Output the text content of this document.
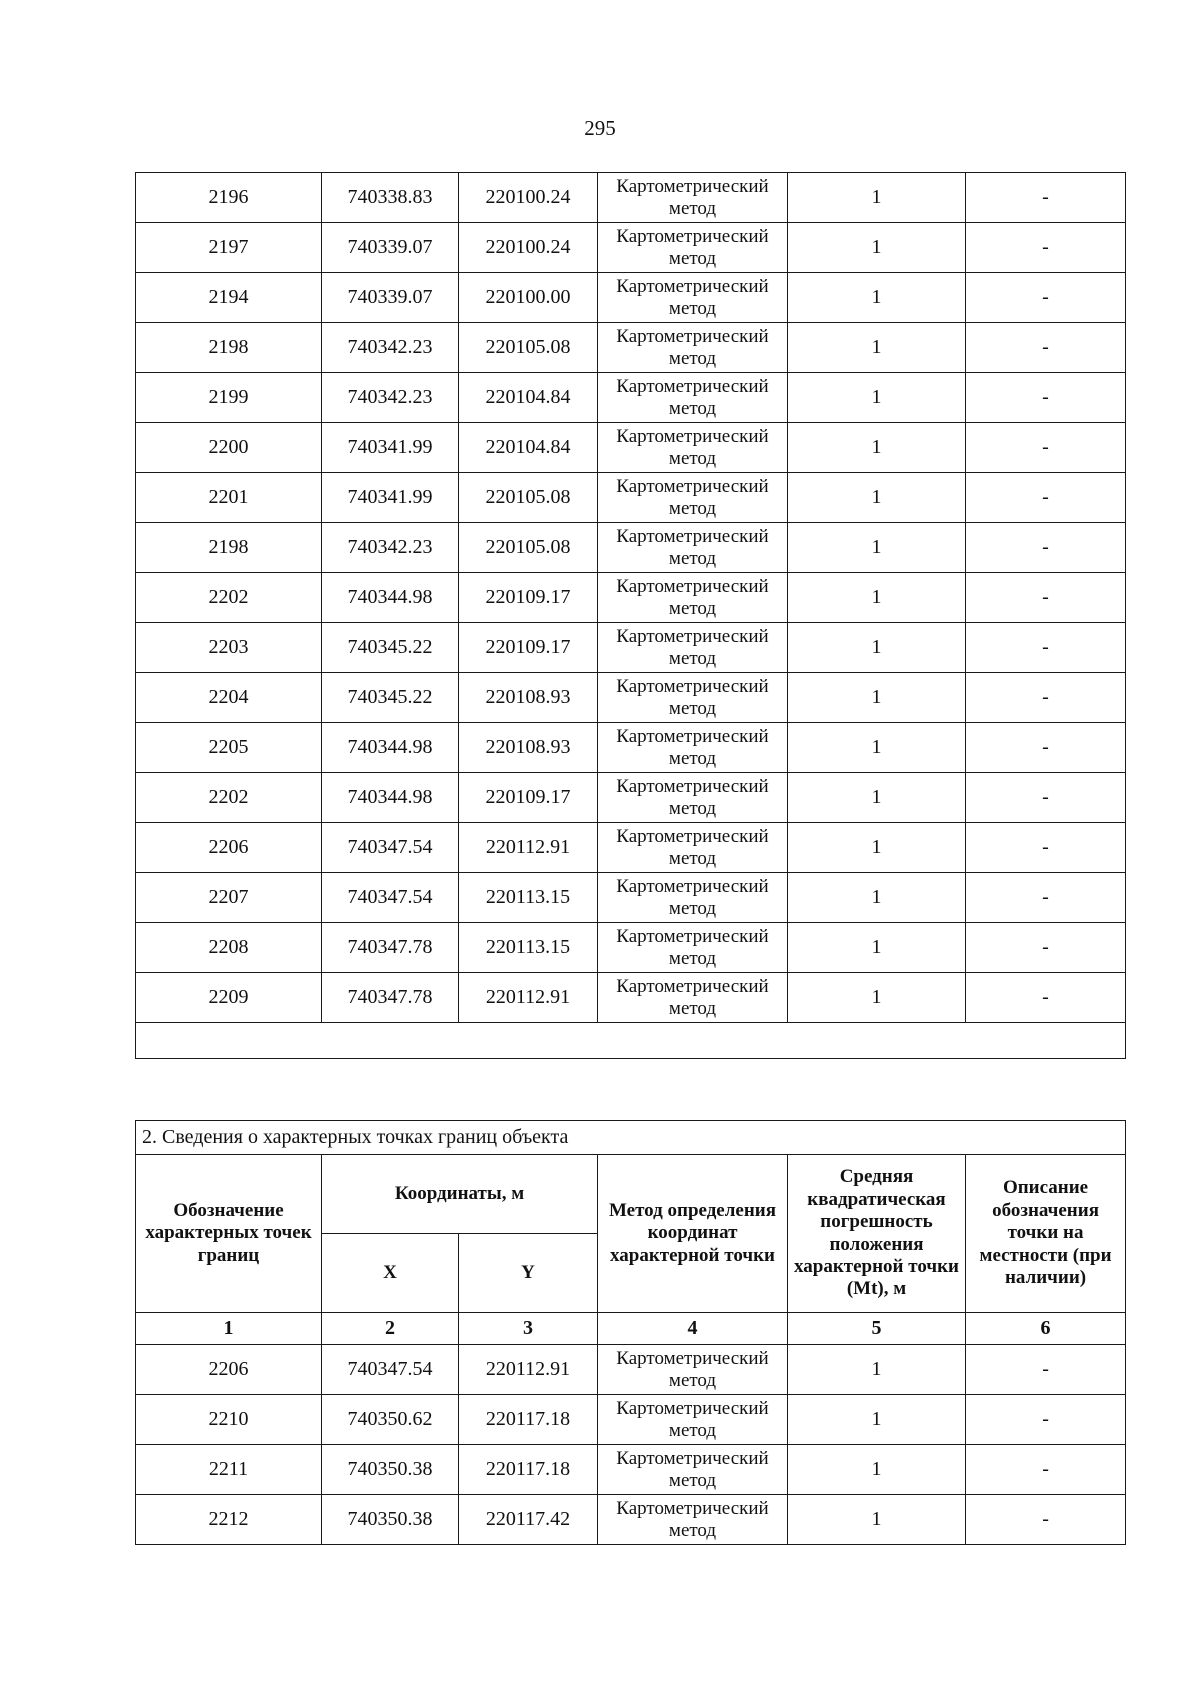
295
2196	740338.83	220100.24	Картометрический метод	1	-
2197	740339.07	220100.24	Картометрический метод	1	-
2194	740339.07	220100.00	Картометрический метод	1	-
2198	740342.23	220105.08	Картометрический метод	1	-
2199	740342.23	220104.84	Картометрический метод	1	-
2200	740341.99	220104.84	Картометрический метод	1	-
2201	740341.99	220105.08	Картометрический метод	1	-
2198	740342.23	220105.08	Картометрический метод	1	-
2202	740344.98	220109.17	Картометрический метод	1	-
2203	740345.22	220109.17	Картометрический метод	1	-
2204	740345.22	220108.93	Картометрический метод	1	-
2205	740344.98	220108.93	Картометрический метод	1	-
2202	740344.98	220109.17	Картометрический метод	1	-
2206	740347.54	220112.91	Картометрический метод	1	-
2207	740347.54	220113.15	Картометрический метод	1	-
2208	740347.78	220113.15	Картометрический метод	1	-
2209	740347.78	220112.91	Картометрический метод	1	-

2. Сведения о характерных точках границ объекта					
Обозначение характерных точек границ	Координаты, м		Метод определения координат характерной точки	Средняя квадратическая погрешность положения характерной точки (Mt), м	Описание обозначения точки на местности (при наличии)
	X	Y			
1	2	3	4	5	6
2206	740347.54	220112.91	Картометрический метод	1	-
2210	740350.62	220117.18	Картометрический метод	1	-
2211	740350.38	220117.18	Картометрический метод	1	-
2212	740350.38	220117.42	Картометрический метод	1	-
